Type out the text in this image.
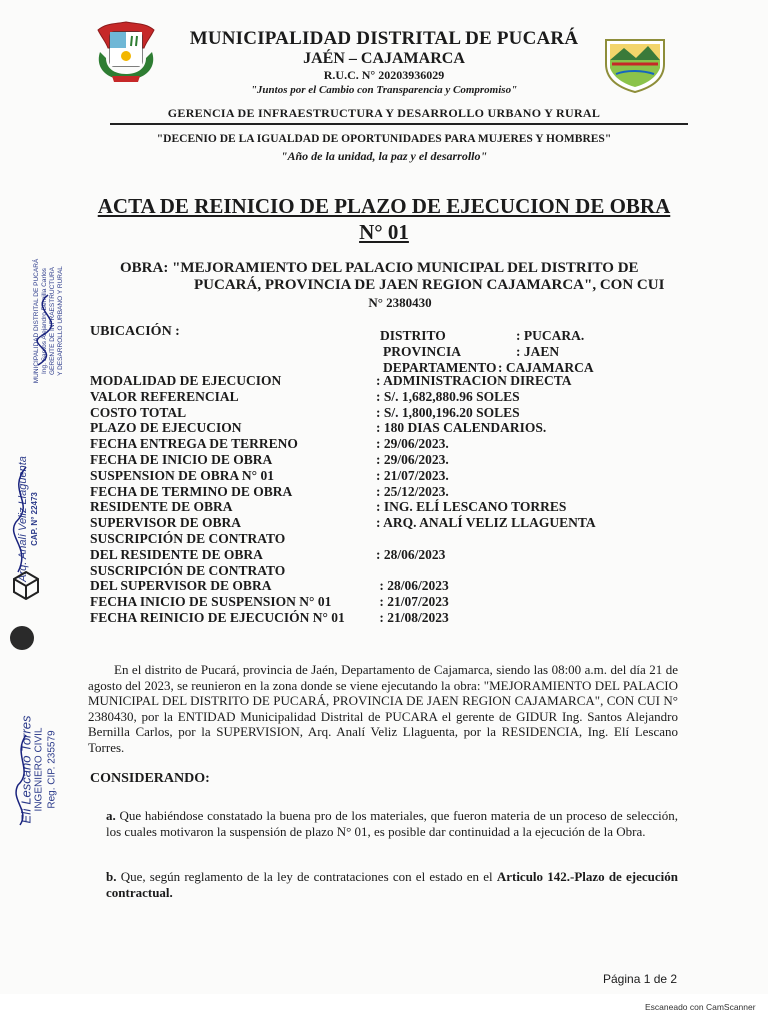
MUNICIPALIDAD DISTRITAL DE PUCARÁ
JAÉN – CAJAMARCA
R.U.C. N° 20203936029
"Juntos por el Cambio con Transparencia y Compromiso"
GERENCIA DE INFRAESTRUCTURA Y DESARROLLO URBANO Y RURAL
"DECENIO DE LA IGUALDAD DE OPORTUNIDADES PARA MUJERES Y HOMBRES"
"Año de la unidad, la paz y el desarrollo"
ACTA DE REINICIO DE PLAZO DE EJECUCION DE OBRA
N° 01
OBRA: "MEJORAMIENTO DEL PALACIO MUNICIPAL DEL DISTRITO DE
PUCARÁ, PROVINCIA DE JAEN REGION CAJAMARCA", CON CUI
N° 2380430
UBICACIÓN :	DISTRITO	: PUCARA.
PROVINCIA	: JAEN
DEPARTAMENTO: CAJAMARCA
MODALIDAD DE EJECUCION	: ADMINISTRACION DIRECTA
VALOR REFERENCIAL	: S/. 1,682,880.96 SOLES
COSTO TOTAL	: S/. 1,800,196.20 SOLES
PLAZO DE EJECUCION	: 180 DIAS CALENDARIOS.
FECHA ENTREGA DE TERRENO	: 29/06/2023.
FECHA DE INICIO DE OBRA	: 29/06/2023.
SUSPENSION DE OBRA N° 01	: 21/07/2023.
FECHA DE TERMINO DE OBRA	: 25/12/2023.
RESIDENTE DE OBRA	: ING. ELÍ LESCANO TORRES
SUPERVISOR DE OBRA	: ARQ. ANALÍ VELIZ LLAGUENTA
SUSCRIPCIÓN DE CONTRATO
DEL RESIDENTE DE OBRA	: 28/06/2023
SUSCRIPCIÓN DE CONTRATO
DEL SUPERVISOR DE OBRA	: 28/06/2023
FECHA INICIO DE SUSPENSION N° 01	: 21/07/2023
FECHA REINICIO DE EJECUCIÓN N° 01 : 21/08/2023
En el distrito de Pucará, provincia de Jaén, Departamento de Cajamarca, siendo las 08:00 a.m. del día 21 de agosto del 2023, se reunieron en la zona donde se viene ejecutando la obra: "MEJORAMIENTO DEL PALACIO MUNICIPAL DEL DISTRITO DE PUCARÁ, PROVINCIA DE JAEN REGION CAJAMARCA", CON CUI N° 2380430, por la ENTIDAD Municipalidad Distrital de PUCARA el gerente de GIDUR Ing. Santos Alejandro Bernilla Carlos, por la SUPERVISION, Arq. Analí Veliz Llaguenta, por la RESIDENCIA, Ing. Elí Lescano Torres.
CONSIDERANDO:
a. Que habiéndose constatado la buena pro de los materiales, que fueron materia de un proceso de selección, los cuales motivaron la suspensión de plazo N° 01, es posible dar continuidad a la ejecución de la Obra.
b. Que, según reglamento de la ley de contrataciones con el estado en el Articulo 142.-Plazo de ejecución contractual.
MUNICIPALIDAD DISTRITAL DE PUCARÁ Ing. Santos Alejandro Bernilla Carlos GERENTE DE INFRAESTRUCTURA Y DESARROLLO URBANO Y RURAL
Arq. Analí Veliz Llaguenta CAP. N° 22473
Elí Lescano Torres INGENIERO CIVIL Reg. CIP. 235579
Página 1 de 2
Escaneado con CamScanner
